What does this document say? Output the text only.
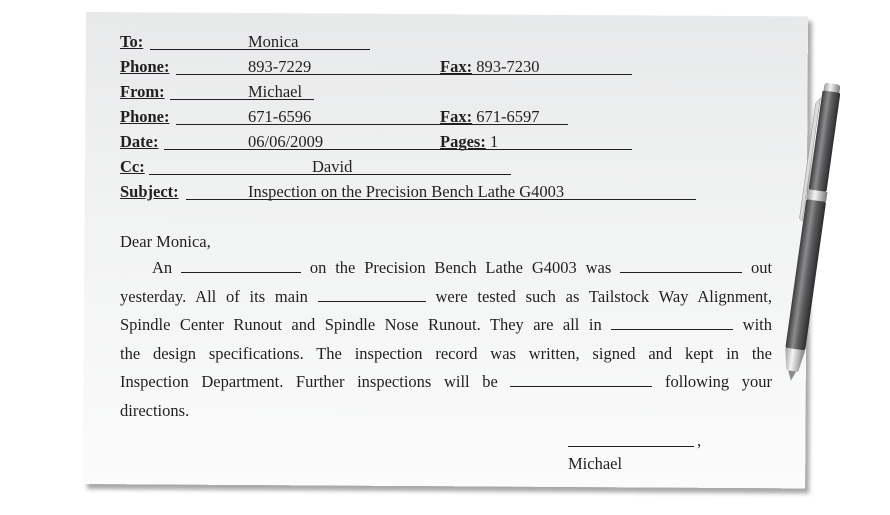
To:	Monica
Phone:	893-7229	Fax: 893-7230
From:	Michael
Phone:	671-6596	Fax: 671-6597
Date:	06/06/2009	Pages: 1
Cc:	David
Subject:	Inspection on the Precision Bench Lathe G4003

Dear Monica,

An	on the Precision Bench Lathe G4003 was	out

yesterday. All of its main	were tested such as Tailstock Way Alignment,

Spindle Center Runout and Spindle Nose Runout. They are all in	with

the design specifications. The inspection record was written, signed and kept in the

Inspection Department. Further inspections will be	following your

directions.

,
Michael
